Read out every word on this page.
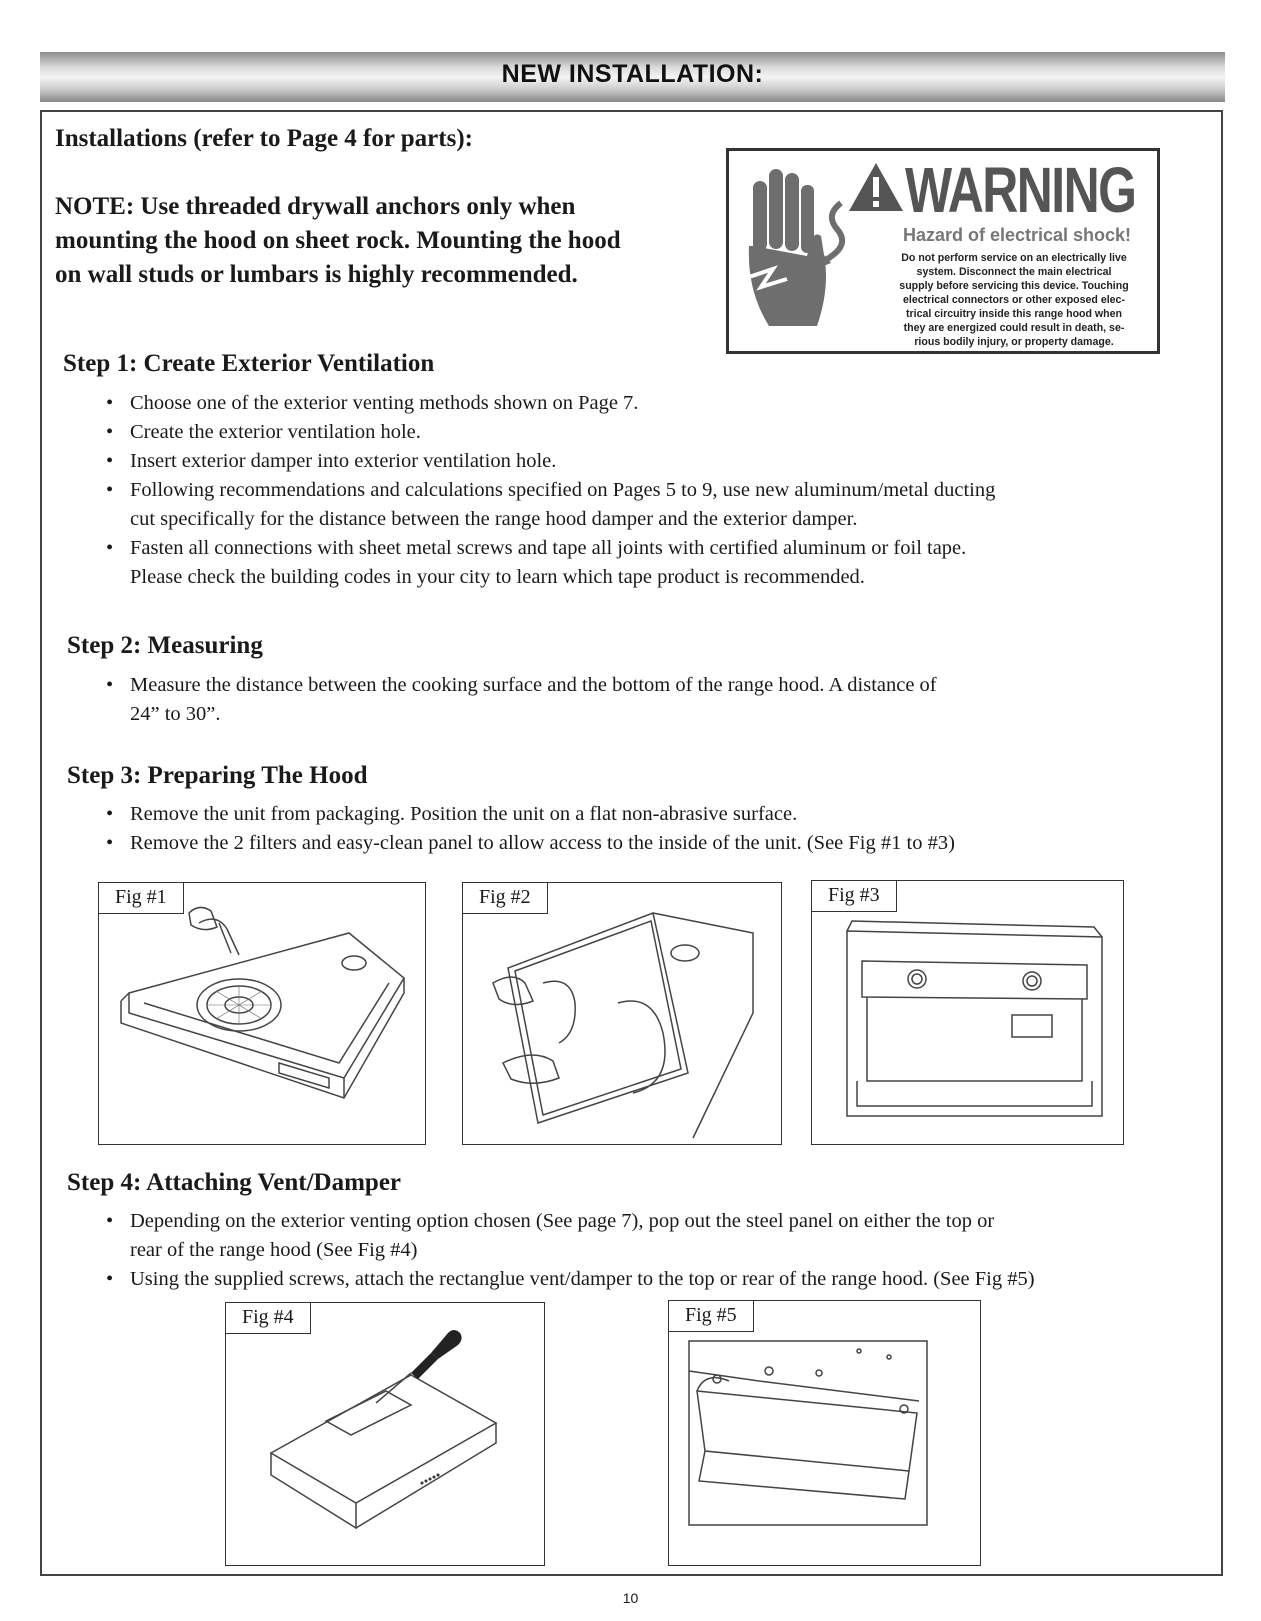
NEW INSTALLATION:
Installations (refer to Page 4 for parts):
NOTE: Use threaded drywall anchors only when
mounting the hood on sheet rock. Mounting the hood
on wall studs or lumbars is highly recommended.
WARNING
Hazard of electrical shock!
Do not perform service on an electrically live
system. Disconnect the main electrical
supply before servicing this device. Touching
electrical connectors or other exposed elec-
trical circuitry inside this range hood when
they are energized could result in death, se-
rious bodily injury, or property damage.
Step 1: Create Exterior Ventilation
• Choose one of the exterior venting methods shown on Page 7.
• Create the exterior ventilation hole.
• Insert exterior damper into exterior ventilation hole.
• Following recommendations and calculations specified on Pages 5 to 9, use new aluminum/metal ducting
cut specifically for the distance between the range hood damper and the exterior damper.
• Fasten all connections with sheet metal screws and tape all joints with certified aluminum or foil tape.
Please check the building codes in your city to learn which tape product is recommended.
Step 2: Measuring
• Measure the distance between the cooking surface and the bottom of the range hood. A distance of
24” to 30”.
Step 3: Preparing The Hood
• Remove the unit from packaging. Position the unit on a flat non-abrasive surface.
• Remove the 2 filters and easy-clean panel to allow access to the inside of the unit. (See Fig #1 to #3)
Fig #1	Fig #2	Fig #3
Step 4: Attaching Vent/Damper
• Depending on the exterior venting option chosen (See page 7), pop out the steel panel on either the top or
rear of the range hood (See Fig #4)
• Using the supplied screws, attach the rectanglue vent/damper to the top or rear of the range hood. (See Fig #5)
Fig #4	Fig #5
10
